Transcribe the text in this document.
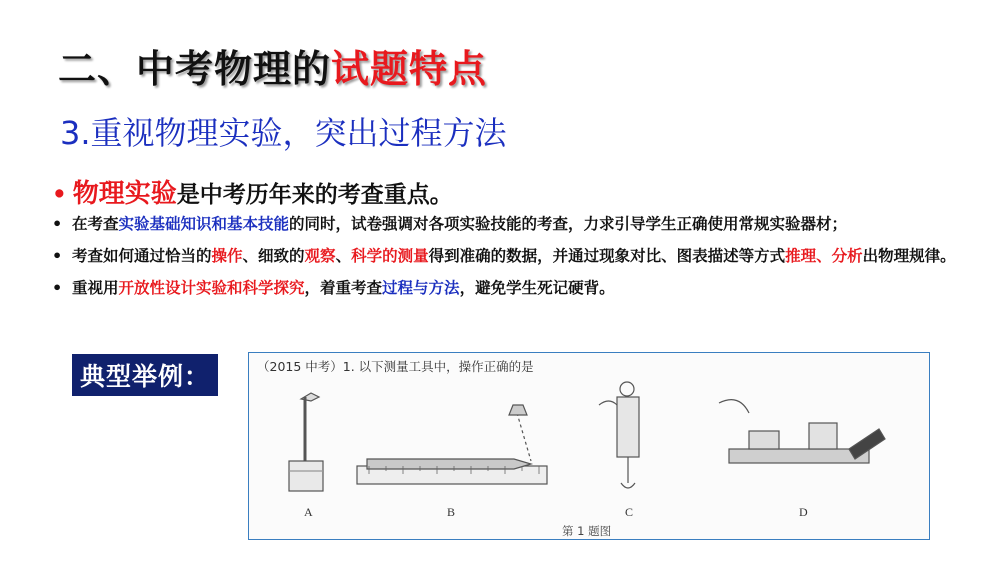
二、中考物理的试题特点
3.重视物理实验，突出过程方法
• 物理实验是中考历年来的考查重点。
• 在考查实验基础知识和基本技能的同时，试卷强调对各项实验技能的考查，力求引导学生正确使用常规实验器材；
• 考查如何通过恰当的操作、细致的观察、科学的测量得到准确的数据，并通过现象对比、图表描述等方式推理、分析出物理规律。
• 重视用开放性设计实验和科学探究，着重考查过程与方法，避免学生死记硬背。
典型举例：	（2015 中考）1. 以下测量工具中，操作正确的是
A	B	C	D
第 1 题图
